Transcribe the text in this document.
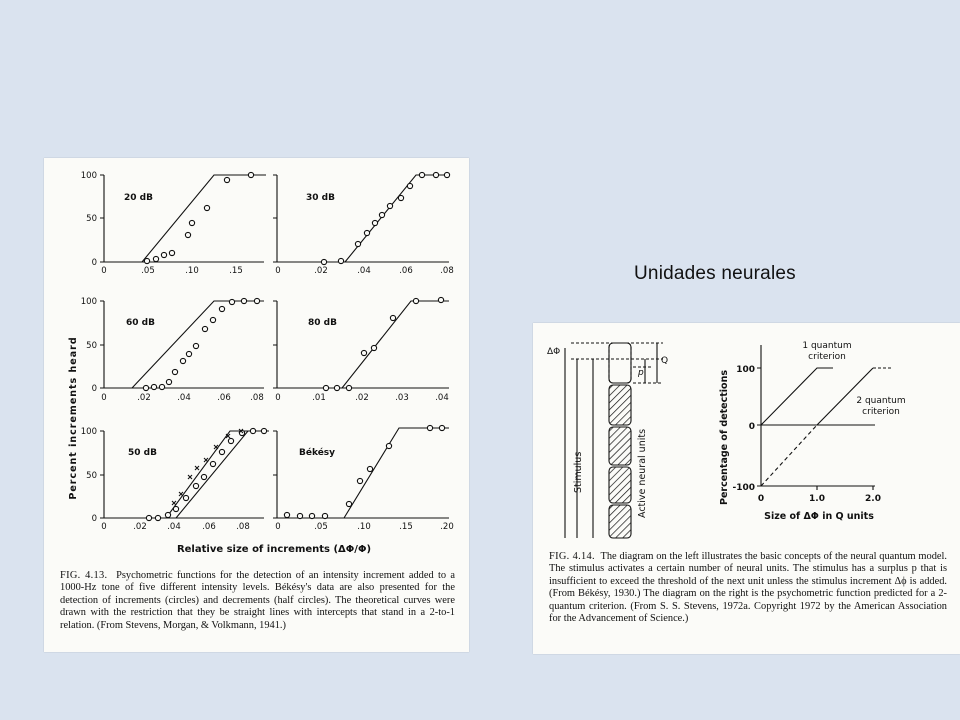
Unidades neurales
100
50
0
100
50
0
100
50
0
0	.05	.10	.15	0	.02	.04	.06	.08
0	.02	.04	.06 .08 0	.01	.02	.03	.04
0	.02 .04	.06 .08	0	.05	.10	.15	.20
20 dB	30 dB
60 dB	80 dB
50 dB	Békésy
Percent increments heard
Relative size of increments (ΔΦ/Φ)
FIG. 4.13. Psychometric functions for the detection of an intensity increment added to a 1000-Hz tone of five different intensity levels. Békésy's data are also presented for the detection of increments (circles) and decrements (half circles). The theoretical curves were drawn with the restriction that they be straight lines with intercepts that stand in a 2-to-1 relation. (From Stevens, Morgan, & Volkmann, 1941.)
ΔΦ
p
Q
Stimulus	Active neural units	Percentage of detections 100
0
-100
0	1.0	2.0
Size of ΔΦ in Q units
1 quantum
criterion
2 quantum
criterion
FIG. 4.14. The diagram on the left illustrates the basic concepts of the neural quantum model. The stimulus activates a certain number of neural units. The stimulus has a surplus p that is insufficient to exceed the threshold of the next unit unless the stimulus increment Δϕ is added. (From Békésy, 1930.) The diagram on the right is the psychometric function predicted for a 2-quantum criterion. (From S. S. Stevens, 1972a. Copyright 1972 by the American Association for the Advancement of Science.)
